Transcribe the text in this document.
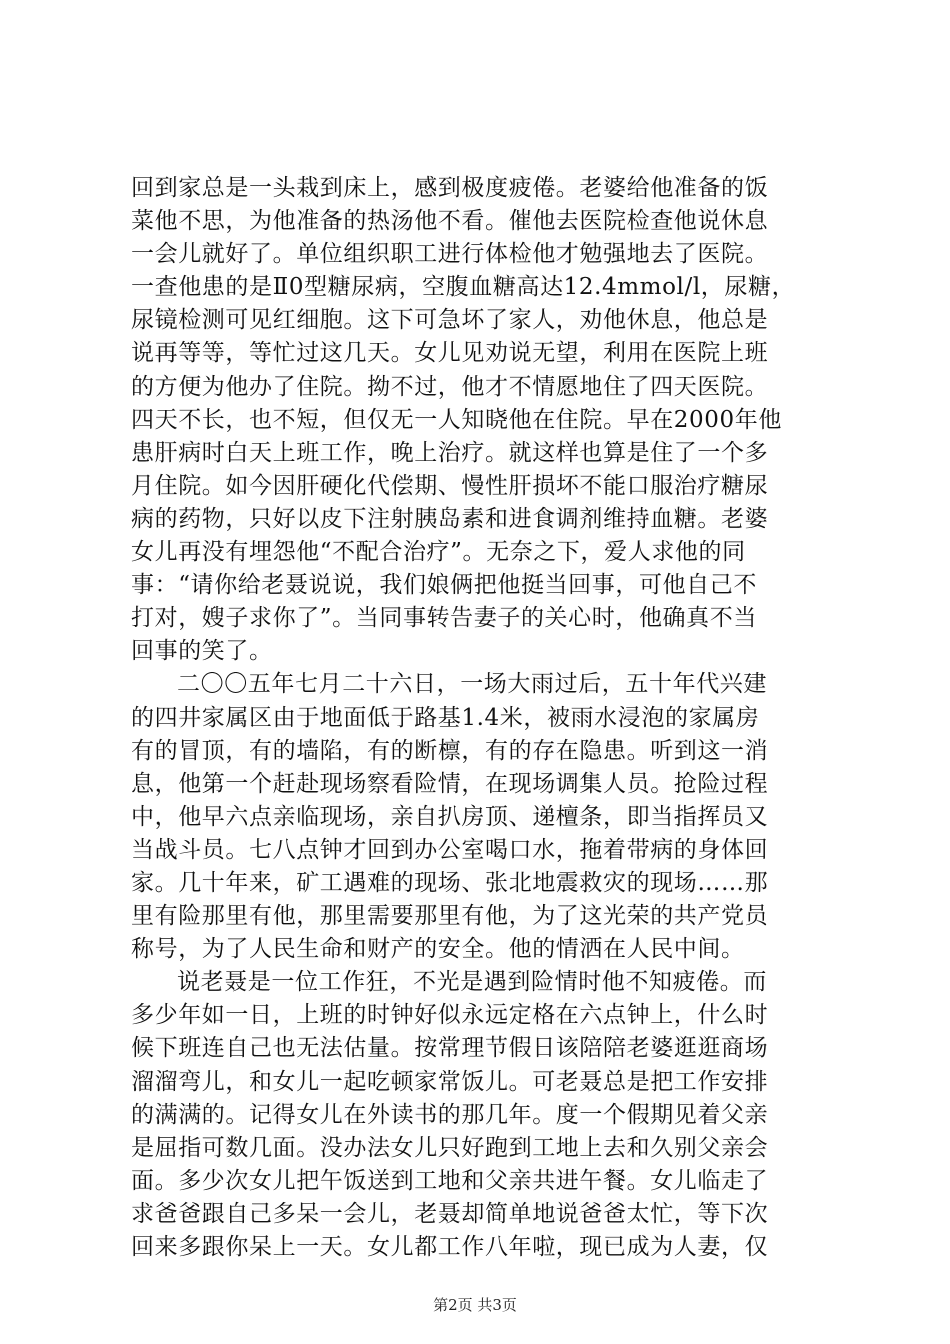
回到家总是一头栽到床上，感到极度疲倦。老婆给他准备的饭
菜他不思，为他准备的热汤他不看。催他去医院检查他说休息
一会儿就好了。单位组织职工进行体检他才勉强地去了医院。
一查他患的是Ⅱ0型糖尿病，空腹血糖高达12.4mmol/l，尿糖，
尿镜检测可见红细胞。这下可急坏了家人，劝他休息，他总是
说再等等，等忙过这几天。女儿见劝说无望，利用在医院上班
的方便为他办了住院。拗不过，他才不情愿地住了四天医院。
四天不长，也不短，但仅无一人知晓他在住院。早在2000年他
患肝病时白天上班工作，晚上治疗。就这样也算是住了一个多
月住院。如今因肝硬化代偿期、慢性肝损坏不能口服治疗糖尿
病的药物，只好以皮下注射胰岛素和进食调剂维持血糖。老婆
女儿再没有埋怨他“不配合治疗”。无奈之下，爱人求他的同
事：“请你给老聂说说，我们娘俩把他挺当回事，可他自己不
打对，嫂子求你了”。当同事转告妻子的关心时，他确真不当
回事的笑了。
二〇〇五年七月二十六日，一场大雨过后，五十年代兴建
的四井家属区由于地面低于路基1.4米，被雨水浸泡的家属房
有的冒顶，有的墙陷，有的断檩，有的存在隐患。听到这一消
息，他第一个赶赴现场察看险情，在现场调集人员。抢险过程
中，他早六点亲临现场，亲自扒房顶、递檀条，即当指挥员又
当战斗员。七八点钟才回到办公室喝口水，拖着带病的身体回
家。几十年来，矿工遇难的现场、张北地震救灾的现场……那
里有险那里有他，那里需要那里有他，为了这光荣的共产党员
称号，为了人民生命和财产的安全。他的情洒在人民中间。
说老聂是一位工作狂，不光是遇到险情时他不知疲倦。而
多少年如一日，上班的时钟好似永远定格在六点钟上，什么时
候下班连自己也无法估量。按常理节假日该陪陪老婆逛逛商场
溜溜弯儿，和女儿一起吃顿家常饭儿。可老聂总是把工作安排
的满满的。记得女儿在外读书的那几年。度一个假期见着父亲
是屈指可数几面。没办法女儿只好跑到工地上去和久别父亲会
面。多少次女儿把午饭送到工地和父亲共进午餐。女儿临走了
求爸爸跟自己多呆一会儿，老聂却简单地说爸爸太忙，等下次
回来多跟你呆上一天。女儿都工作八年啦，现已成为人妻，仅
第2页 共3页
